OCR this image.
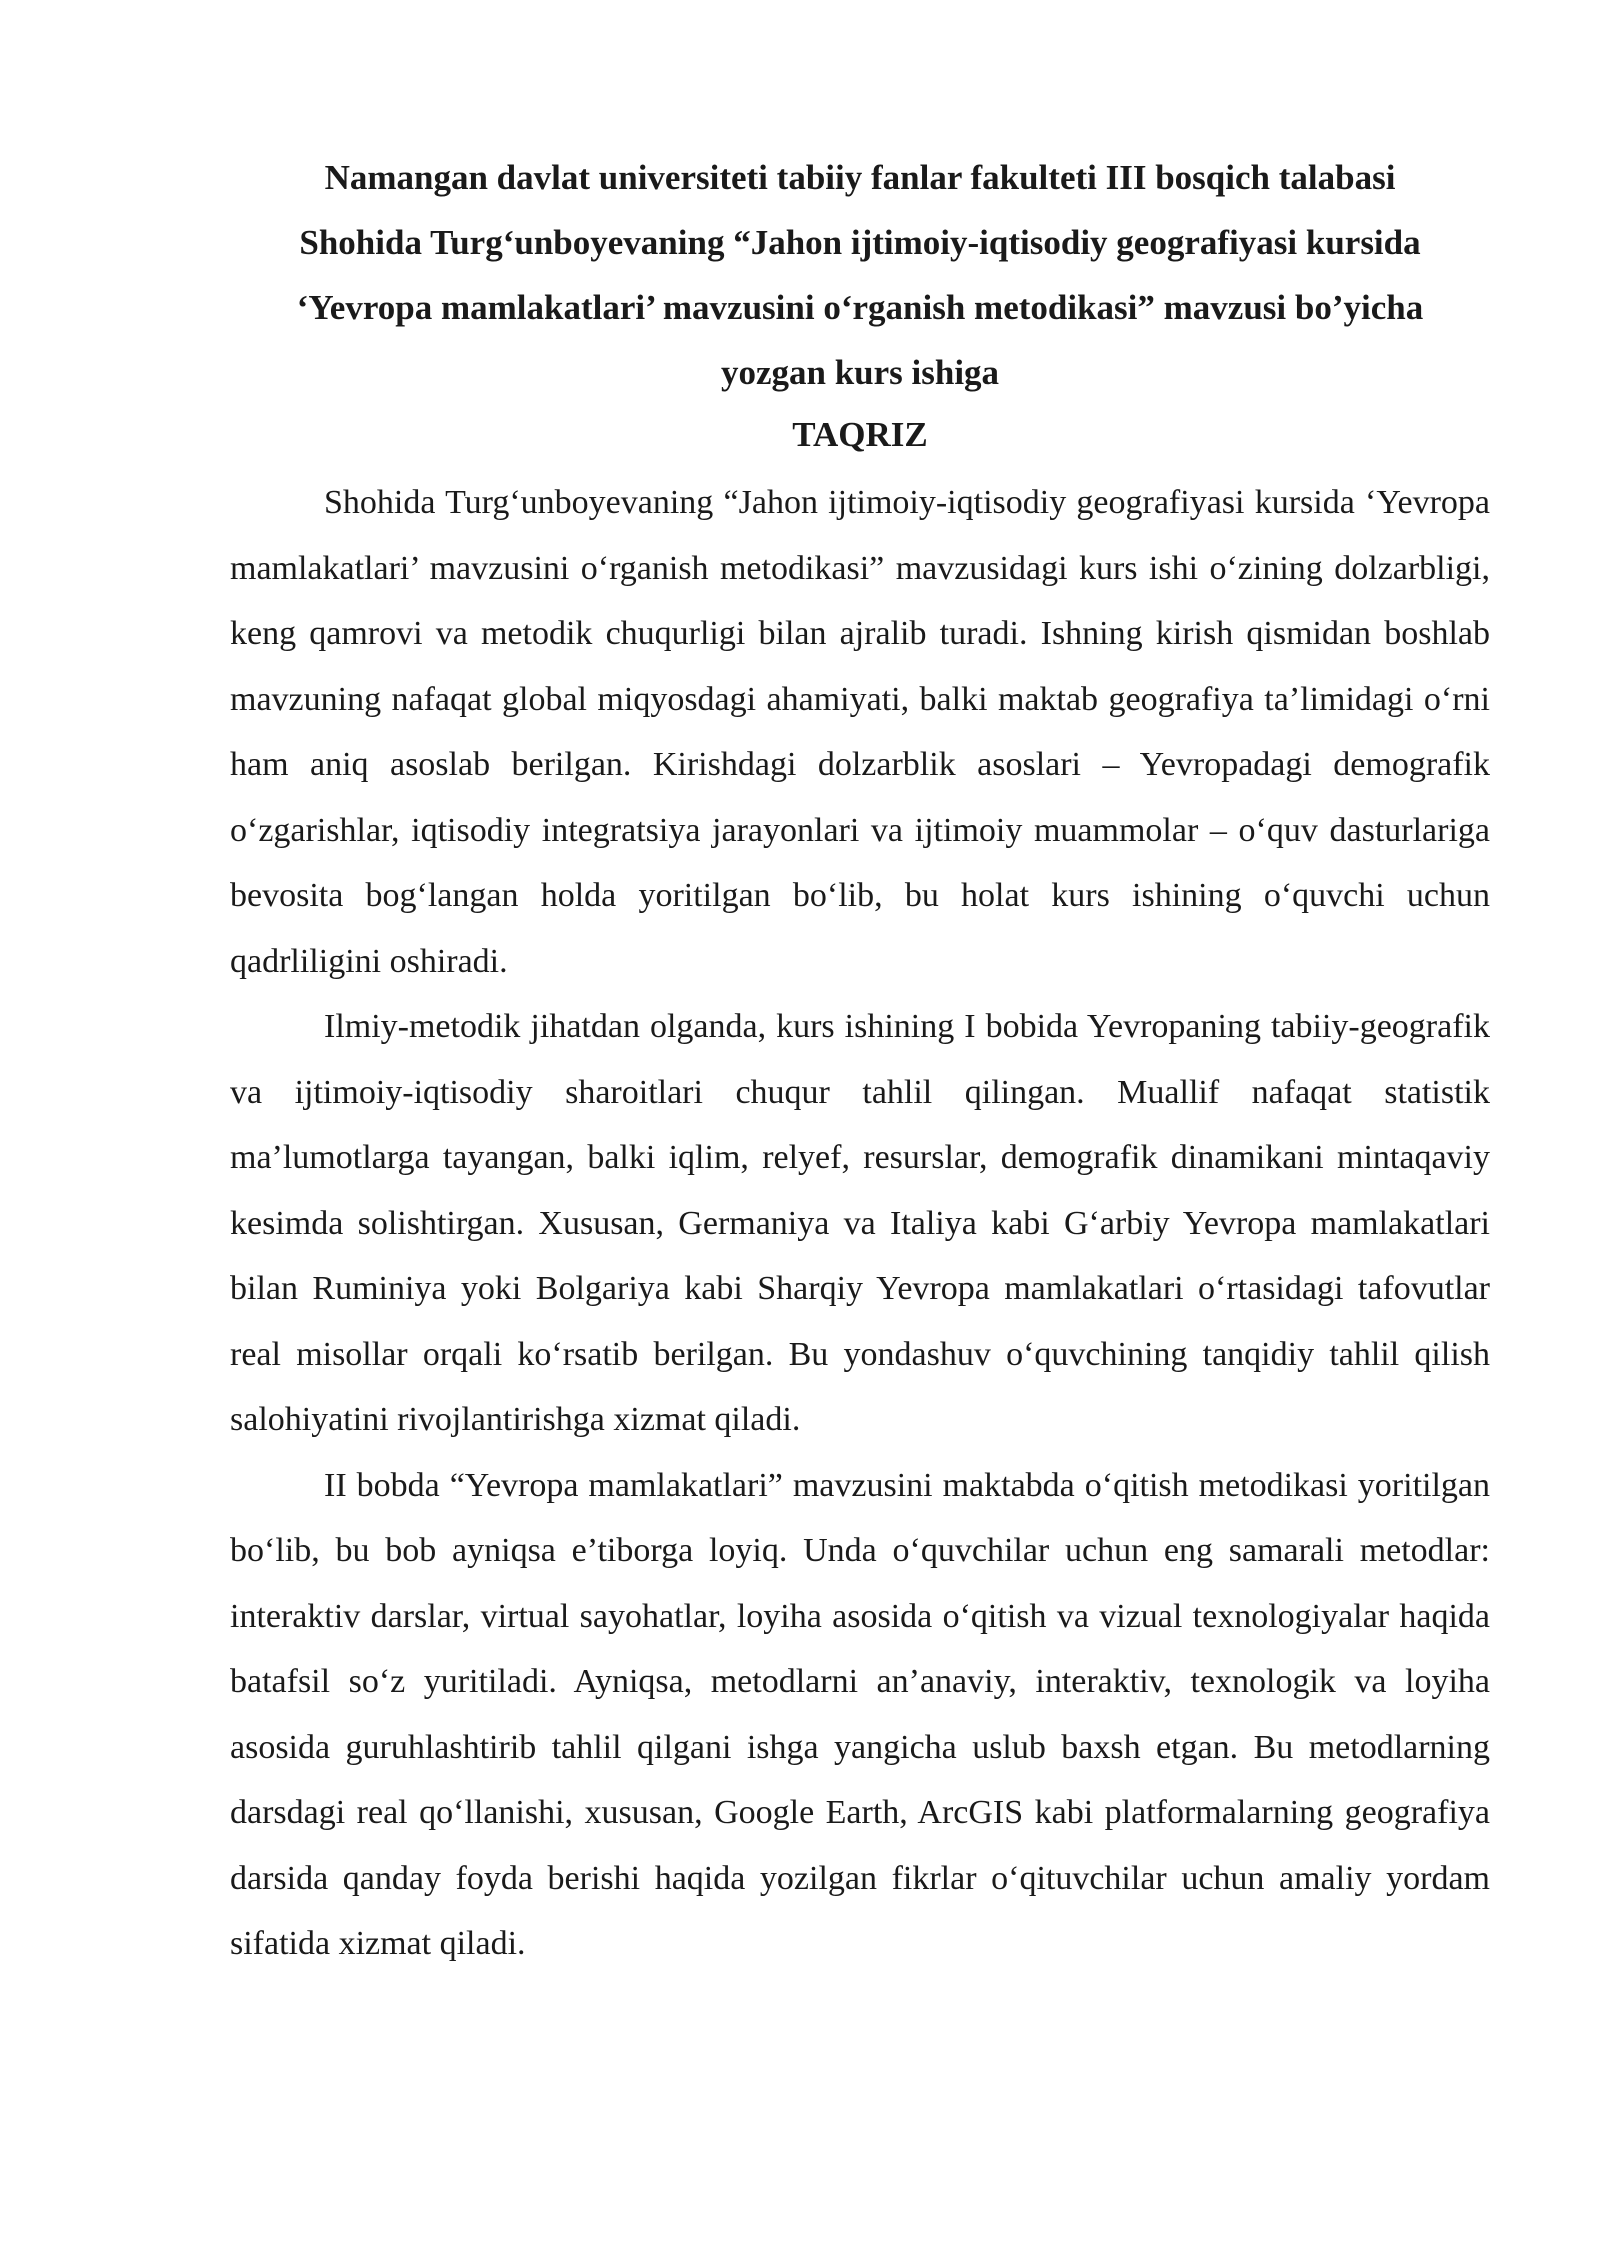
Namangan davlat universiteti tabiiy fanlar fakulteti III bosqich talabasi
Shohida Turg‘unboyevaning “Jahon ijtimoiy-iqtisodiy geografiyasi kursida
‘Yevropa mamlakatlari’ mavzusini o‘rganish metodikasi” mavzusi bo’yicha
yozgan kurs ishiga
TAQRIZ

Shohida Turg‘unboyevaning “Jahon ijtimoiy-iqtisodiy geografiyasi kursida ‘Yevropa mamlakatlari’ mavzusini o‘rganish metodikasi” mavzusidagi kurs ishi o‘zining dolzarbligi, keng qamrovi va metodik chuqurligi bilan ajralib turadi. Ishning kirish qismidan boshlab mavzuning nafaqat global miqyosdagi ahamiyati, balki maktab geografiya ta’limidagi o‘rni ham aniq asoslab berilgan. Kirishdagi dolzarblik asoslari – Yevropadagi demografik o‘zgarishlar, iqtisodiy integratsiya jarayonlari va ijtimoiy muammolar – o‘quv dasturlariga bevosita bog‘langan holda yoritilgan bo‘lib, bu holat kurs ishining o‘quvchi uchun qadrliligini oshiradi.

Ilmiy-metodik jihatdan olganda, kurs ishining I bobida Yevropaning tabiiy-geografik va ijtimoiy-iqtisodiy sharoitlari chuqur tahlil qilingan. Muallif nafaqat statistik ma’lumotlarga tayangan, balki iqlim, relyef, resurslar, demografik dinamikani mintaqaviy kesimda solishtirgan. Xususan, Germaniya va Italiya kabi G‘arbiy Yevropa mamlakatlari bilan Ruminiya yoki Bolgariya kabi Sharqiy Yevropa mamlakatlari o‘rtasidagi tafovutlar real misollar orqali ko‘rsatib berilgan. Bu yondashuv o‘quvchining tanqidiy tahlil qilish salohiyatini rivojlantirishga xizmat qiladi.

II bobda “Yevropa mamlakatlari” mavzusini maktabda o‘qitish metodikasi yoritilgan bo‘lib, bu bob ayniqsa e’tiborga loyiq. Unda o‘quvchilar uchun eng samarali metodlar: interaktiv darslar, virtual sayohatlar, loyiha asosida o‘qitish va vizual texnologiyalar haqida batafsil so‘z yuritiladi. Ayniqsa, metodlarni an’anaviy, interaktiv, texnologik va loyiha asosida guruhlashtirib tahlil qilgani ishga yangicha uslub baxsh etgan. Bu metodlarning darsdagi real qo‘llanishi, xususan, Google Earth, ArcGIS kabi platformalarning geografiya darsida qanday foyda berishi haqida yozilgan fikrlar o‘qituvchilar uchun amaliy yordam sifatida xizmat qiladi.
